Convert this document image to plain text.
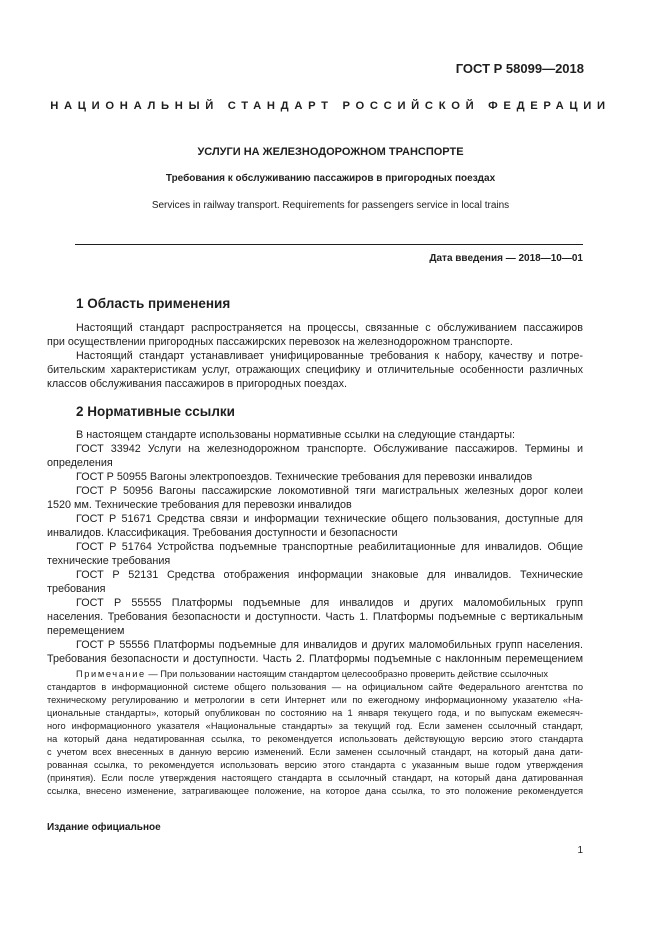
ГОСТ Р 58099—2018
НАЦИОНАЛЬНЫЙ СТАНДАРТ РОССИЙСКОЙ ФЕДЕРАЦИИ
УСЛУГИ НА ЖЕЛЕЗНОДОРОЖНОМ ТРАНСПОРТЕ
Требования к обслуживанию пассажиров в пригородных поездах
Services in railway transport. Requirements for passengers service in local trains
Дата введения — 2018—10—01
1 Область применения
Настоящий стандарт распространяется на процессы, связанные с обслуживанием пассажиров
при осуществлении пригородных пассажирских перевозок на железнодорожном транспорте.
Настоящий стандарт устанавливает унифицированные требования к набору, качеству и потре-
бительским характеристикам услуг, отражающих специфику и отличительные особенности различных
классов обслуживания пассажиров в пригородных поездах.
2 Нормативные ссылки
В настоящем стандарте использованы нормативные ссылки на следующие стандарты:
ГОСТ 33942 Услуги на железнодорожном транспорте. Обслуживание пассажиров. Термины и
определения
ГОСТ Р 50955 Вагоны электропоездов. Технические требования для перевозки инвалидов
ГОСТ Р 50956 Вагоны пассажирские локомотивной тяги магистральных железных дорог колеи
1520 мм. Технические требования для перевозки инвалидов
ГОСТ Р 51671 Средства связи и информации технические общего пользования, доступные для
инвалидов. Классификация. Требования доступности и безопасности
ГОСТ Р 51764 Устройства подъемные транспортные реабилитационные для инвалидов. Общие
технические требования
ГОСТ Р 52131 Средства отображения информации знаковые для инвалидов. Технические
требования
ГОСТ Р 55555 Платформы подъемные для инвалидов и других маломобильных групп
населения. Требования безопасности и доступности. Часть 1. Платформы подъемные с вертикальным
перемещением
ГОСТ Р 55556 Платформы подъемные для инвалидов и других маломобильных групп населения.
Требования безопасности и доступности. Часть 2. Платформы подъемные с наклонным перемещением
Примечание — При пользовании настоящим стандартом целесообразно проверить действие ссылочных
стандартов в информационной системе общего пользования — на официальном сайте Федерального агентства по
техническому регулированию и метрологии в сети Интернет или по ежегодному информационному указателю «На-
циональные стандарты», который опубликован по состоянию на 1 января текущего года, и по выпускам ежемесяч-
ного информационного указателя «Национальные стандарты» за текущий год. Если заменен ссылочный стандарт,
на который дана недатированная ссылка, то рекомендуется использовать действующую версию этого стандарта
с учетом всех внесенных в данную версию изменений. Если заменен ссылочный стандарт, на который дана дати-
рованная ссылка, то рекомендуется использовать версию этого стандарта с указанным выше годом утверждения
(принятия). Если после утверждения настоящего стандарта в ссылочный стандарт, на который дана датированная
ссылка, внесено изменение, затрагивающее положение, на которое дана ссылка, то это положение рекомендуется
Издание официальное
1
